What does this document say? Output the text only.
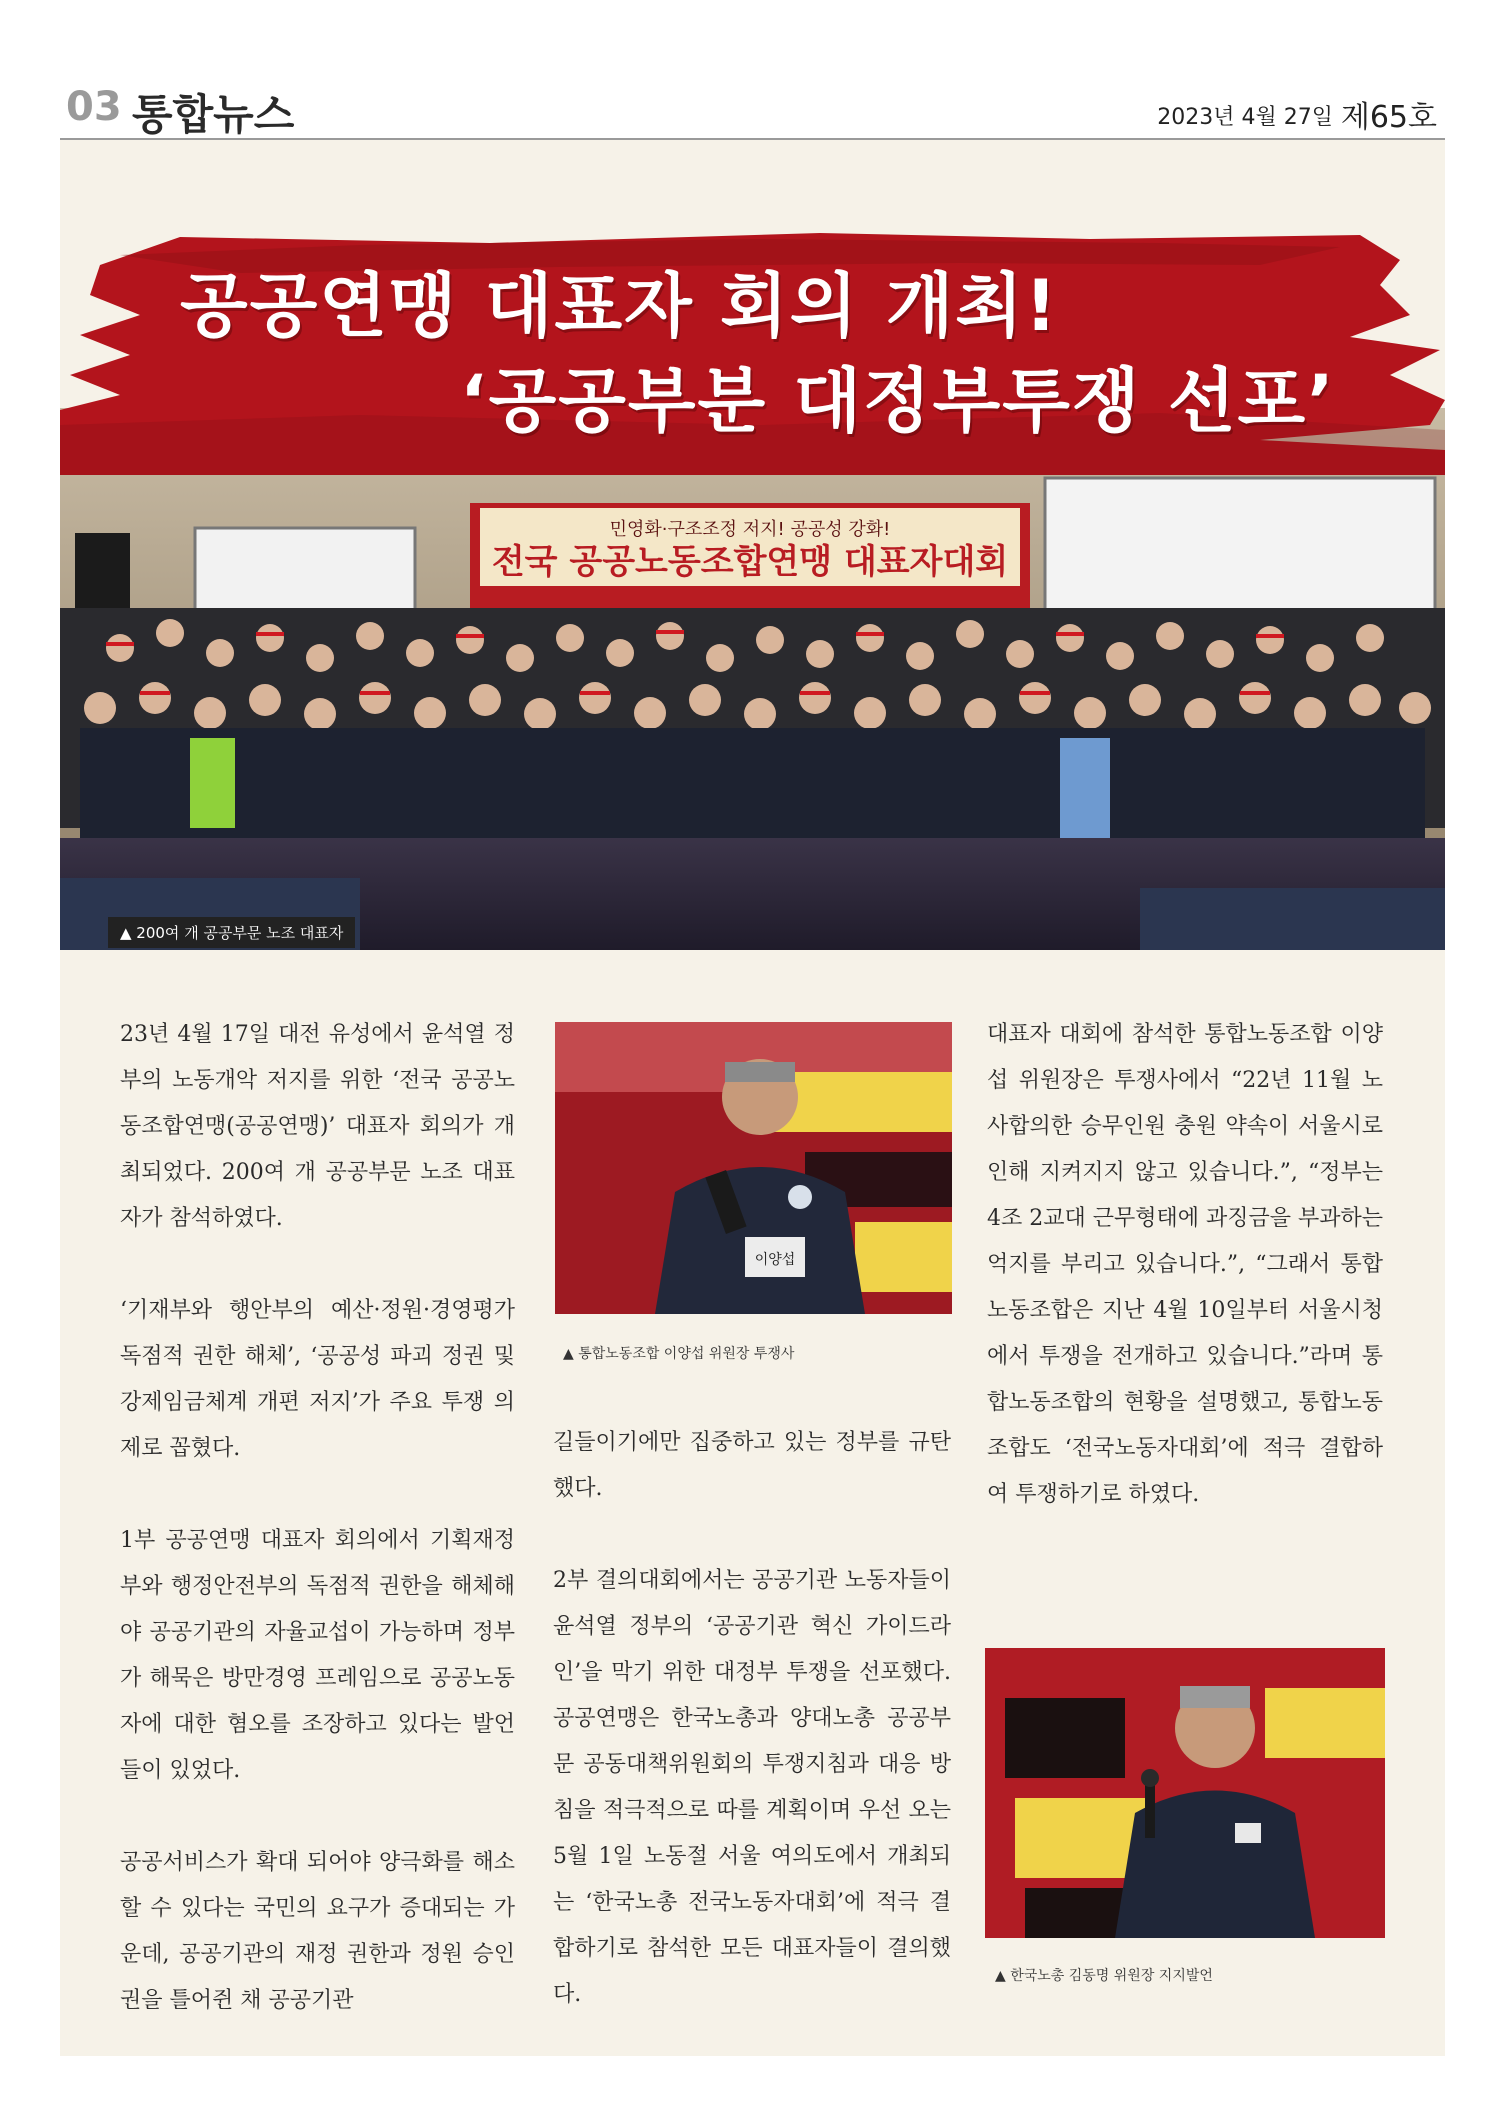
03 통합뉴스	2023년 4월 27일 제65호
민영화·구조조정 저지! 공공성 강화!
전국 공공노동조합연맹 대표자대회
공공연맹 대표자 회의 개최!
‘공공부분 대정부투쟁 선포’
▲ 200여 개 공공부문 노조 대표자

23년 4월 17일 대전 유성에서 윤석열 정부의 노동개악 저지를 위한 ‘전국 공공노동조합연맹(공공연맹)’ 대표자 회의가 개최되었다. 200여 개 공공부문 노조 대표자가 참석하였다.

‘기재부와 행안부의 예산·정원·경영평가 독점적 권한 해체’, ‘공공성 파괴 정권 및 강제임금체계 개편 저지’가 주요 투쟁 의제로 꼽혔다.

1부 공공연맹 대표자 회의에서 기획재정부와 행정안전부의 독점적 권한을 해체해야 공공기관의 자율교섭이 가능하며 정부가 해묵은 방만경영 프레임으로 공공노동자에 대한 혐오를 조장하고 있다는 발언들이 있었다.

공공서비스가 확대 되어야 양극화를 해소할 수 있다는 국민의 요구가 증대되는 가운데, 공공기관의 재정 권한과 정원 승인권을 틀어쥔 채 공공기관

이양섭
▲ 통합노동조합 이양섭 위원장 투쟁사

길들이기에만 집중하고 있는 정부를 규탄했다.

2부 결의대회에서는 공공기관 노동자들이 윤석열 정부의 ‘공공기관 혁신 가이드라인’을 막기 위한 대정부 투쟁을 선포했다. 공공연맹은 한국노총과 양대노총 공공부문 공동대책위원회의 투쟁지침과 대응 방침을 적극적으로 따를 계획이며 우선 오는 5월 1일 노동절 서울 여의도에서 개최되는 ‘한국노총 전국노동자대회’에 적극 결합하기로 참석한 모든 대표자들이 결의했다.

대표자 대회에 참석한 통합노동조합 이양섭 위원장은 투쟁사에서 “22년 11월 노사합의한 승무인원 충원 약속이 서울시로 인해 지켜지지 않고 있습니다.”, “정부는 4조 2교대 근무형태에 과징금을 부과하는 억지를 부리고 있습니다.”, “그래서 통합노동조합은 지난 4월 10일부터 서울시청에서 투쟁을 전개하고 있습니다.”라며 통합노동조합의 현황을 설명했고, 통합노동조합도 ‘전국노동자대회’에 적극 결합하여 투쟁하기로 하였다.

▲ 한국노총 김동명 위원장 지지발언
